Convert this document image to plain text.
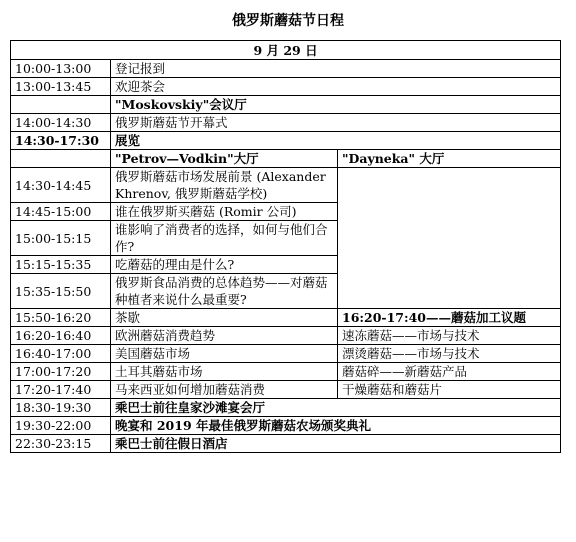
俄罗斯蘑菇节日程
9 月 29 日		
10:00-13:00	登记报到	
13:00-13:45	欢迎茶会	
	"Moskovskiy"会议厅	
14:00-14:30	俄罗斯蘑菇节开幕式	
14:30-17:30	展览	
	"Petrov—Vodkin"大厅	"Dayneka" 大厅
14:30-14:45	俄罗斯蘑菇市场发展前景 (Alexander Khrenov, 俄罗斯蘑菇学校)	
14:45-15:00	谁在俄罗斯买蘑菇 (Romir 公司)	
15:00-15:15	谁影响了消费者的选择，如何与他们合作?	
15:15-15:35	吃蘑菇的理由是什么?	
15:35-15:50	俄罗斯食品消费的总体趋势——对蘑菇种植者来说什么最重要?	
15:50-16:20	茶歇	16:20-17:40——蘑菇加工议题
16:20-16:40	欧洲蘑菇消费趋势	速冻蘑菇——市场与技术
16:40-17:00	美国蘑菇市场	漂烫蘑菇——市场与技术
17:00-17:20	土耳其蘑菇市场	蘑菇碎——新蘑菇产品
17:20-17:40	马来西亚如何增加蘑菇消费	干燥蘑菇和蘑菇片
18:30-19:30	乘巴士前往皇家沙滩宴会厅	
19:30-22:00	晚宴和 2019 年最佳俄罗斯蘑菇农场颁奖典礼	
22:30-23:15	乘巴士前往假日酒店	
